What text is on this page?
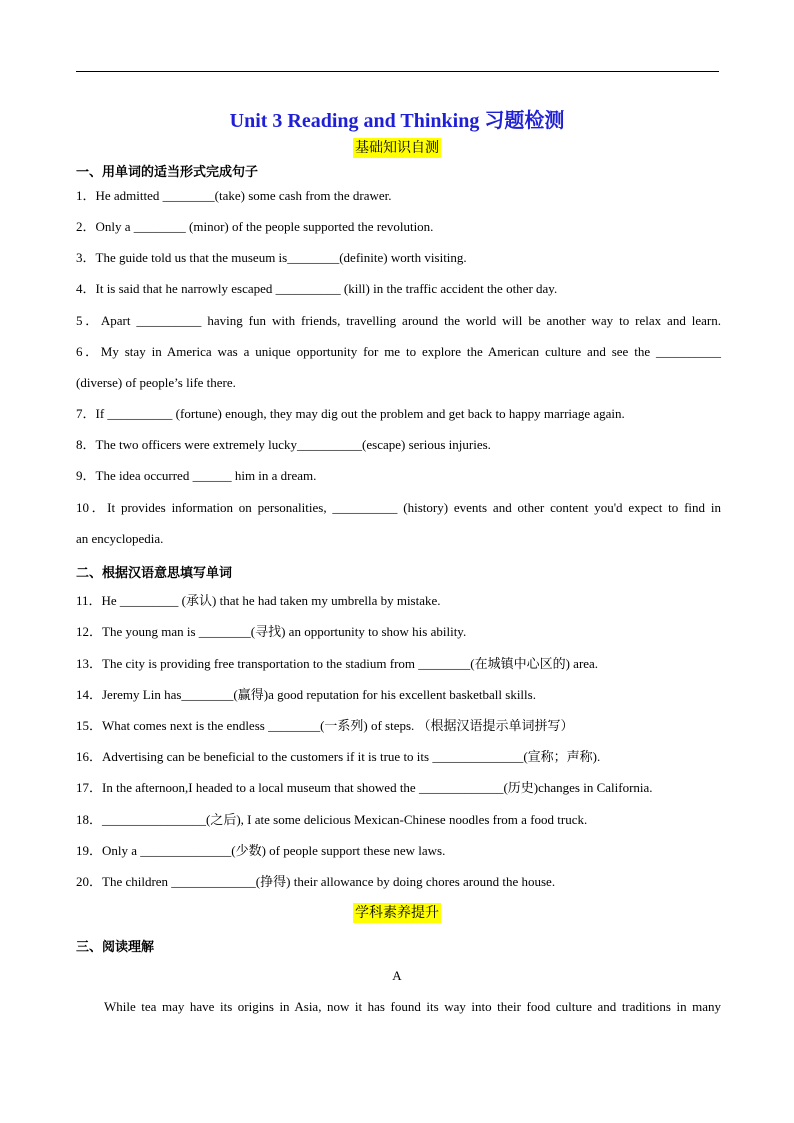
Unit 3 Reading and Thinking 习题检测
基础知识自测
一、用单词的适当形式完成句子
1．He admitted ________(take) some cash from the drawer.
2．Only a ________ (minor) of the people supported the revolution.
3．The guide told us that the museum is________(definite) worth visiting.
4．It is said that he narrowly escaped __________ (kill) in the traffic accident the other day.
5．Apart __________ having fun with friends, travelling around the world will be another way to relax and learn.
6．My stay in America was a unique opportunity for me to explore the American culture and see the __________
(diverse) of people’s life there.
7．If __________ (fortune) enough, they may dig out the problem and get back to happy marriage again.
8．The two officers were extremely lucky__________(escape) serious injuries.
9．The idea occurred ______ him in a dream.
10．It provides information on personalities, __________ (history) events and other content you'd expect to find in
an encyclopedia.
二、根据汉语意思填写单词
11．He _________ (承认) that he had taken my umbrella by mistake.
12．The young man is ________(寻找) an opportunity to show his ability.
13．The city is providing free transportation to the stadium from ________(在城镇中心区的) area.
14．Jeremy Lin has________(赢得)a good reputation for his excellent basketball skills.
15．What comes next is the endless ________(一系列) of steps. （根据汉语提示单词拼写）
16．Advertising can be beneficial to the customers if it is true to its ______________(宣称；声称).
17．In the afternoon,I headed to a local museum that showed the _____________(历史)changes in California.
18．________________(之后), I ate some delicious Mexican-Chinese noodles from a food truck.
19．Only a ______________(少数) of people support these new laws.
20．The children _____________(挣得) their allowance by doing chores around the house.
学科素养提升
三、阅读理解
A
While tea may have its origins in Asia, now it has found its way into their food culture and traditions in many
